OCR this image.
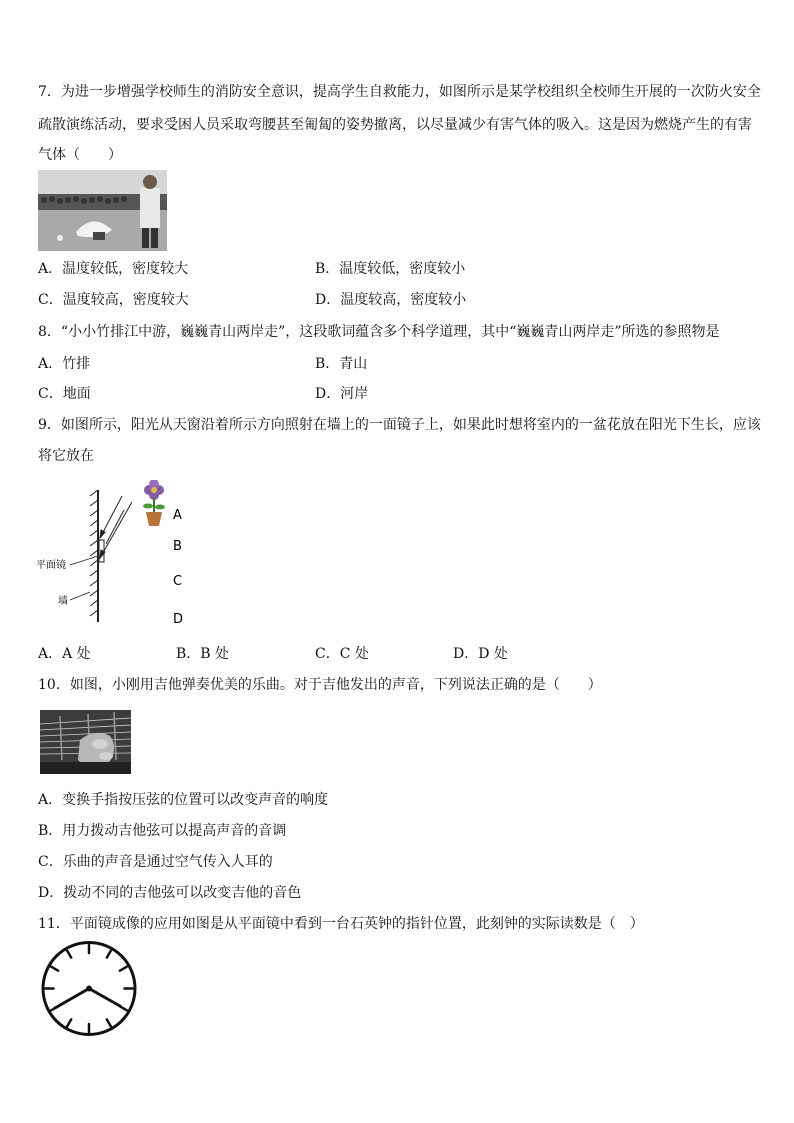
7．为进一步增强学校师生的消防安全意识，提高学生自救能力，如图所示是某学校组织全校师生开展的一次防火安全
疏散演练活动，要求受困人员采取弯腰甚至匍匐的姿势撤离，以尽量减少有害气体的吸入。这是因为燃烧产生的有害
气体（　　）
A．温度较低，密度较大	B．温度较低，密度较小
C．温度较高，密度较大	D．温度较高，密度较小
8．“小小竹排江中游，巍巍青山两岸走”，这段歌词蕴含多个科学道理，其中“巍巍青山两岸走”所选的参照物是
A．竹排	B．青山
C．地面	D．河岸
9．如图所示，阳光从天窗沿着所示方向照射在墙上的一面镜子上，如果此时想将室内的一盆花放在阳光下生长，应该
将它放在
A
B
C
D
平面镜
墙
A．A 处	B．B 处	C．C 处	D．D 处
10．如图，小刚用吉他弹奏优美的乐曲。对于吉他发出的声音，下列说法正确的是（　　）
A．变换手指按压弦的位置可以改变声音的响度
B．用力拨动吉他弦可以提高声音的音调
C．乐曲的声音是通过空气传入人耳的
D．拨动不同的吉他弦可以改变吉他的音色
11．平面镜成像的应用如图是从平面镜中看到一台石英钟的指针位置，此刻钟的实际读数是（　）
